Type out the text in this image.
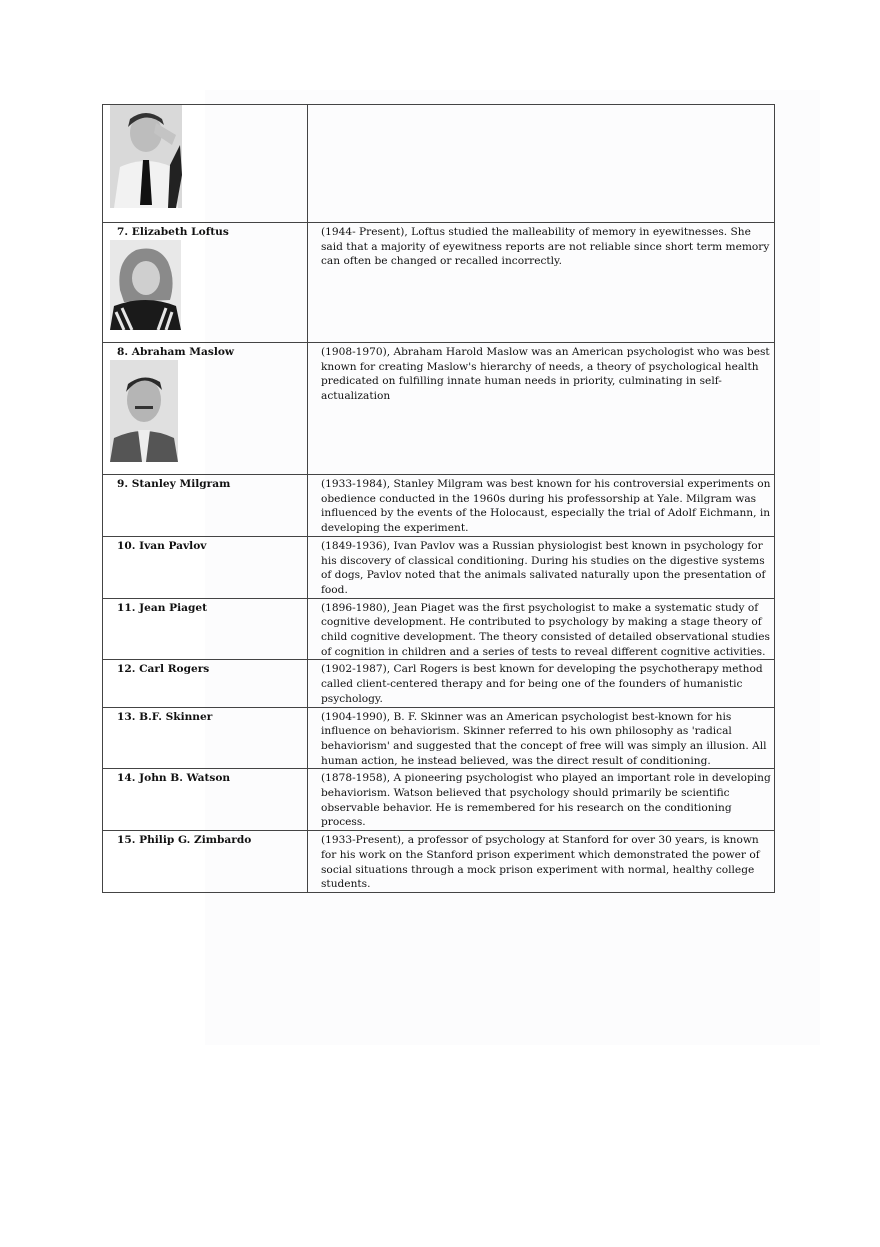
7. Elizabeth Loftus	(1944- Present), Loftus studied the malleability of memory in eyewitnesses. She said that a majority of eyewitness reports are not reliable since short term memory can often be changed or recalled incorrectly.

8. Abraham Maslow	(1908-1970), Abraham Harold Maslow was an American psychologist who was best known for creating Maslow's hierarchy of needs, a theory of psychological health predicated on fulfilling innate human needs in priority, culminating in self-actualization

9. Stanley Milgram	(1933-1984), Stanley Milgram was best known for his controversial experiments on obedience conducted in the 1960s during his professorship at Yale. Milgram was influenced by the events of the Holocaust, especially the trial of Adolf Eichmann, in developing the experiment.

10. Ivan Pavlov	(1849-1936), Ivan Pavlov was a Russian physiologist best known in psychology for his discovery of classical conditioning. During his studies on the digestive systems of dogs, Pavlov noted that the animals salivated naturally upon the presentation of food.

11. Jean Piaget	(1896-1980), Jean Piaget was the first psychologist to make a systematic study of cognitive development. He contributed to psychology by making a stage theory of child cognitive development. The theory consisted of detailed observational studies of cognition in children and a series of tests to reveal different cognitive activities.

12. Carl Rogers	(1902-1987), Carl Rogers is best known for developing the psychotherapy method called client-centered therapy and for being one of the founders of humanistic psychology.

13. B.F. Skinner	(1904-1990), B. F. Skinner was an American psychologist best-known for his influence on behaviorism. Skinner referred to his own philosophy as 'radical behaviorism' and suggested that the concept of free will was simply an illusion. All human action, he instead believed, was the direct result of conditioning.

14. John B. Watson	(1878-1958), A pioneering psychologist who played an important role in developing behaviorism. Watson believed that psychology should primarily be scientific observable behavior. He is remembered for his research on the conditioning process.

15. Philip G. Zimbardo	(1933-Present), a professor of psychology at Stanford for over 30 years, is known for his work on the Stanford prison experiment which demonstrated the power of social situations through a mock prison experiment with normal, healthy college students.
